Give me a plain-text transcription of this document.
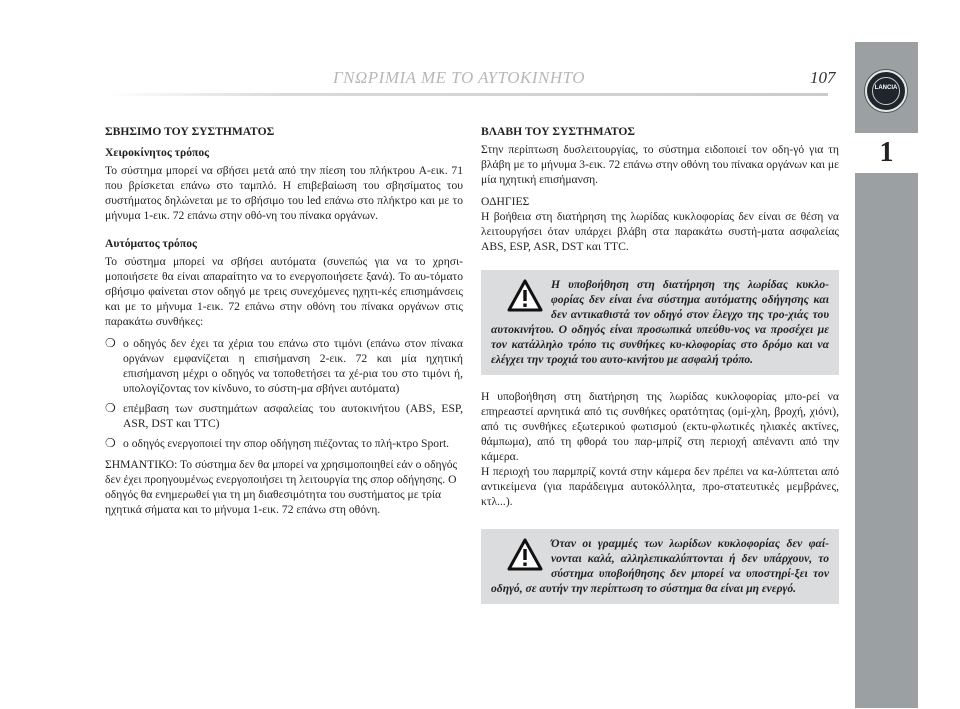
ΓΝΩΡΙΜΙΑ ΜΕ ΤΟ ΑΥΤΟΚΙΝΗΤΟ	107
LANCIA
1
ΣΒΗΣΙΜΟ ΤΟΥ ΣΥΣΤΗΜΑΤΟΣ
Χειροκίνητος τρόπος
Το σύστημα μπορεί να σβήσει μετά από την πίεση του πλήκτρου A-εικ. 71 που βρίσκεται επάνω στο ταμπλό. Η επιβεβαίωση του σβησίματος του συστήματος δηλώνεται με το σβήσιμο του led επάνω στο πλήκτρο και με το μήνυμα 1-εικ. 72 επάνω στην οθό-νη του πίνακα οργάνων.
Αυτόματος τρόπος
Το σύστημα μπορεί να σβήσει αυτόματα (συνεπώς για να το χρησι-μοποιήσετε θα είναι απαραίτητο να το ενεργοποιήσετε ξανά). Το αυ-τόματο σβήσιμο φαίνεται στον οδηγό με τρεις συνεχόμενες ηχητι-κές επισημάνσεις και με το μήνυμα 1-εικ. 72 επάνω στην οθόνη του πίνακα οργάνων στις παρακάτω συνθήκες:
❍ ο οδηγός δεν έχει τα χέρια του επάνω στο τιμόνι (επάνω στον πίνακα οργάνων εμφανίζεται η επισήμανση 2-εικ. 72 και μία ηχητική επισήμανση μέχρι ο οδηγός να τοποθετήσει τα χέ-ρια του στο τιμόνι ή, υπολογίζοντας τον κίνδυνο, το σύστη-μα σβήνει αυτόματα)
❍ επέμβαση των συστημάτων ασφαλείας του αυτοκινήτου (ABS, ESP, ASR, DST και TTC)
❍ ο οδηγός ενεργοποιεί την σπορ οδήγηση πιέζοντας το πλή-κτρο Sport.
ΣΗΜΑΝΤΙΚΟ: Το σύστημα δεν θα μπορεί να χρησιμοποιηθεί εάν ο οδηγός δεν έχει προηγουμένως ενεργοποιήσει τη λειτουργία της σπορ οδήγησης. Ο οδηγός θα ενημερωθεί για τη μη διαθεσιμότητα του συστήματος με τρία ηχητικά σήματα και το μήνυμα 1-εικ. 72 επάνω στη οθόνη.
ΒΛΑΒΗ ΤΟΥ ΣΥΣΤΗΜΑΤΟΣ
Στην περίπτωση δυσλειτουργίας, το σύστημα ειδοποιεί τον οδη-γό για τη βλάβη με το μήνυμα 3-εικ. 72 επάνω στην οθόνη του πίνακα οργάνων και με μία ηχητική επισήμανση.
ΟΔΗΓΙΕΣ
Η βοήθεια στη διατήρηση της λωρίδας κυκλοφορίας δεν είναι σε θέση να λειτουργήσει όταν υπάρχει βλάβη στα παρακάτω συστή-ματα ασφαλείας ABS, ESP, ASR, DST και TTC.
Η υποβοήθηση στη διατήρηση της λωρίδας κυκλο-φορίας δεν είναι ένα σύστημα αυτόματης οδήγησης και δεν αντικαθιστά τον οδηγό στον έλεγχο της τρο-χιάς του αυτοκινήτου. Ο οδηγός είναι προσωπικά υπεύθυ-νος να προσέχει με τον κατάλληλο τρόπο τις συνθήκες κυ-κλοφορίας στο δρόμο και να ελέγχει την τροχιά του αυτο-κινήτου με ασφαλή τρόπο.
Η υποβοήθηση στη διατήρηση της λωρίδας κυκλοφορίας μπο-ρεί να επηρεαστεί αρνητικά από τις συνθήκες ορατότητας (ομί-χλη, βροχή, χιόνι), από τις συνθήκες εξωτερικού φωτισμού (εκτυ-φλωτικές ηλιακές ακτίνες, θάμπωμα), από τη φθορά του παρ-μπρίζ στη περιοχή απέναντι από την κάμερα.
Η περιοχή του παρμπρίζ κοντά στην κάμερα δεν πρέπει να κα-λύπτεται από αντικείμενα (για παράδειγμα αυτοκόλλητα, προ-στατευτικές μεμβράνες, κτλ...).
Όταν οι γραμμές των λωρίδων κυκλοφορίας δεν φαί-νονται καλά, αλληλεπικαλύπτονται ή δεν υπάρχουν, το σύστημα υποβοήθησης δεν μπορεί να υποστηρί-ξει τον οδηγό, σε αυτήν την περίπτωση το σύστημα θα είναι μη ενεργό.
